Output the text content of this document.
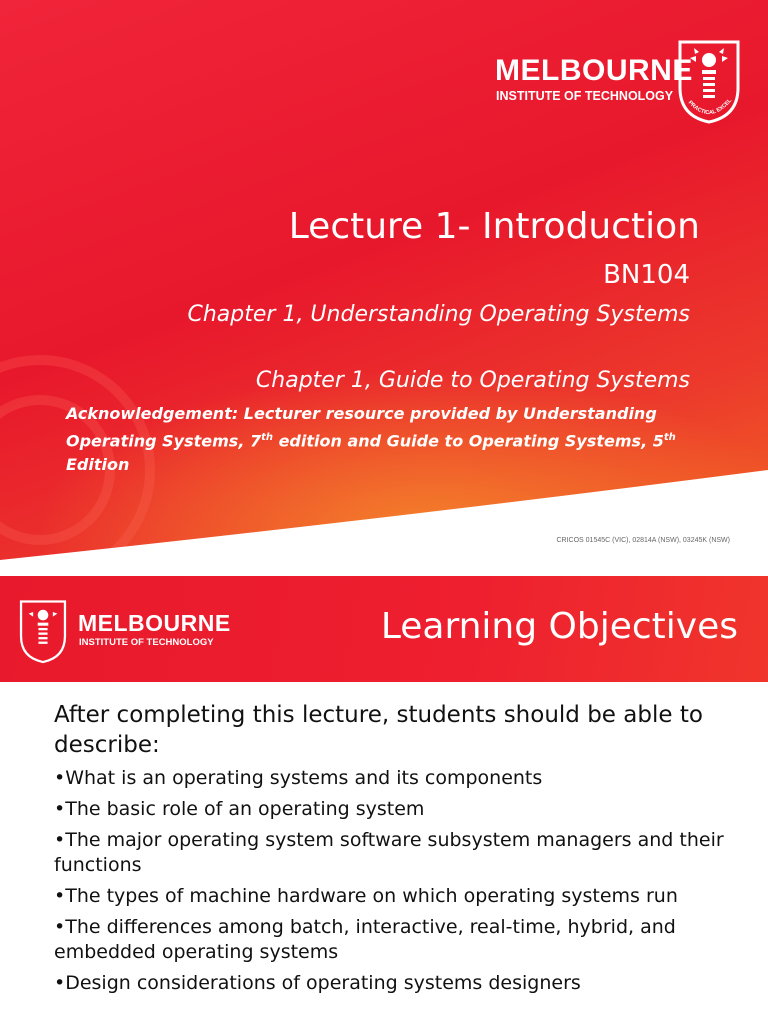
MELBOURNE
INSTITUTE OF TECHNOLOGY
PRACTICAL EXCEL
Lecture 1- Introduction
BN104
Chapter 1, Understanding Operating Systems
Chapter 1, Guide to Operating Systems
Acknowledgement: Lecturer resource provided by Understanding Operating Systems, 7th edition and Guide to Operating Systems, 5th Edition
CRICOS 01545C (VIC), 02814A (NSW), 03245K (NSW)
MELBOURNE
INSTITUTE OF TECHNOLOGY	Learning Objectives

After completing this lecture, students should be able to describe:

•What is an operating systems and its components

•The basic role of an operating system

•The major operating system software subsystem managers and their functions

•The types of machine hardware on which operating systems run

•The differences among batch, interactive, real-time, hybrid, and embedded operating systems

•Design considerations of operating systems designers
